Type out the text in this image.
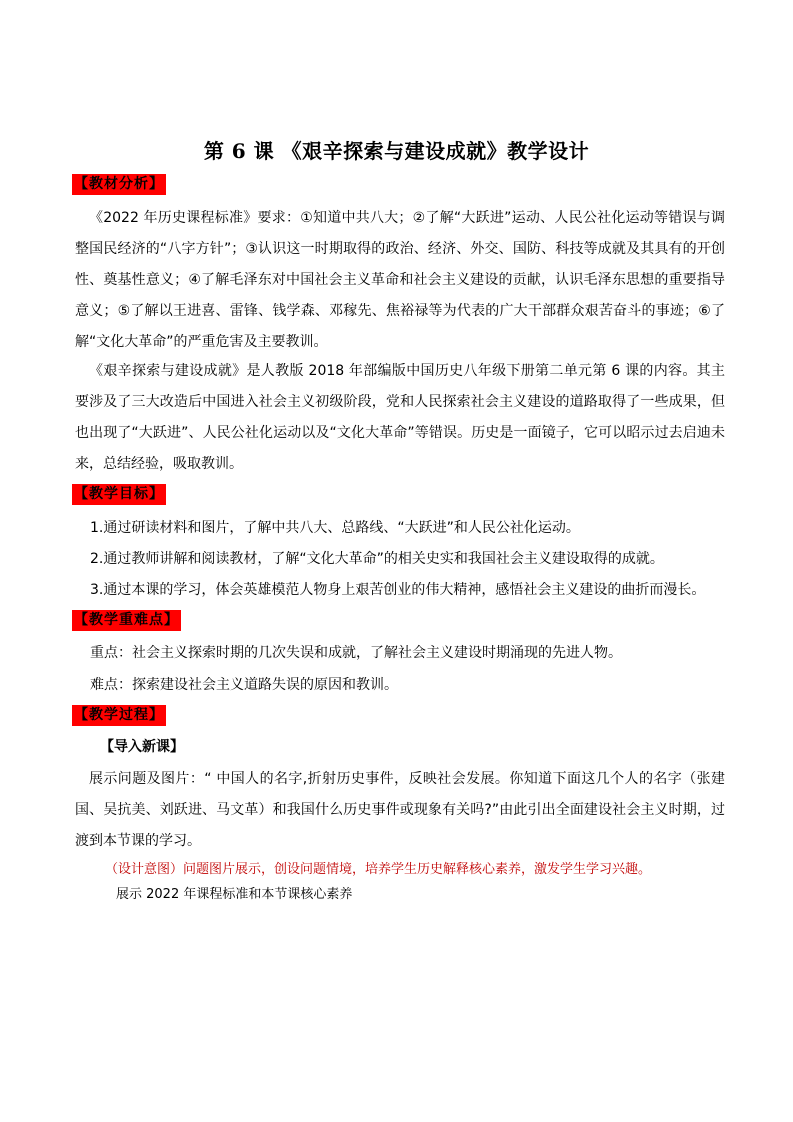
第 6 课 《艰辛探索与建设成就》教学设计
【教材分析】
《2022 年历史课程标准》要求：①知道中共八大；②了解“大跃进”运动、人民公社化运动等错误与调整国民经济的“八字方针”；③认识这一时期取得的政治、经济、外交、国防、科技等成就及其具有的开创性、奠基性意义；④了解毛泽东对中国社会主义革命和社会主义建设的贡献，认识毛泽东思想的重要指导意义；⑤了解以王进喜、雷锋、钱学森、邓稼先、焦裕禄等为代表的广大干部群众艰苦奋斗的事迹；⑥了解“文化大革命”的严重危害及主要教训。
《艰辛探索与建设成就》是人教版 2018 年部编版中国历史八年级下册第二单元第 6 课的内容。其主要涉及了三大改造后中国进入社会主义初级阶段，党和人民探索社会主义建设的道路取得了一些成果，但也出现了“大跃进”、人民公社化运动以及“文化大革命”等错误。历史是一面镜子，它可以昭示过去启迪未来，总结经验，吸取教训。
【教学目标】
1.通过研读材料和图片，了解中共八大、总路线、“大跃进”和人民公社化运动。
2.通过教师讲解和阅读教材，了解“文化大革命”的相关史实和我国社会主义建设取得的成就。
3.通过本课的学习，体会英雄模范人物身上艰苦创业的伟大精神，感悟社会主义建设的曲折而漫长。
【教学重难点】
重点：社会主义探索时期的几次失误和成就，了解社会主义建设时期涌现的先进人物。
难点：探索建设社会主义道路失误的原因和教训。
【教学过程】
【导入新课】
展示问题及图片：“ 中国人的名字,折射历史事件，反映社会发展。你知道下面这几个人的名字（张建国、吴抗美、刘跃进、马文革）和我国什么历史事件或现象有关吗?”由此引出全面建设社会主义时期，过渡到本节课的学习。
（设计意图）问题图片展示，创设问题情境，培养学生历史解释核心素养，激发学生学习兴趣。
展示 2022 年课程标准和本节课核心素养
